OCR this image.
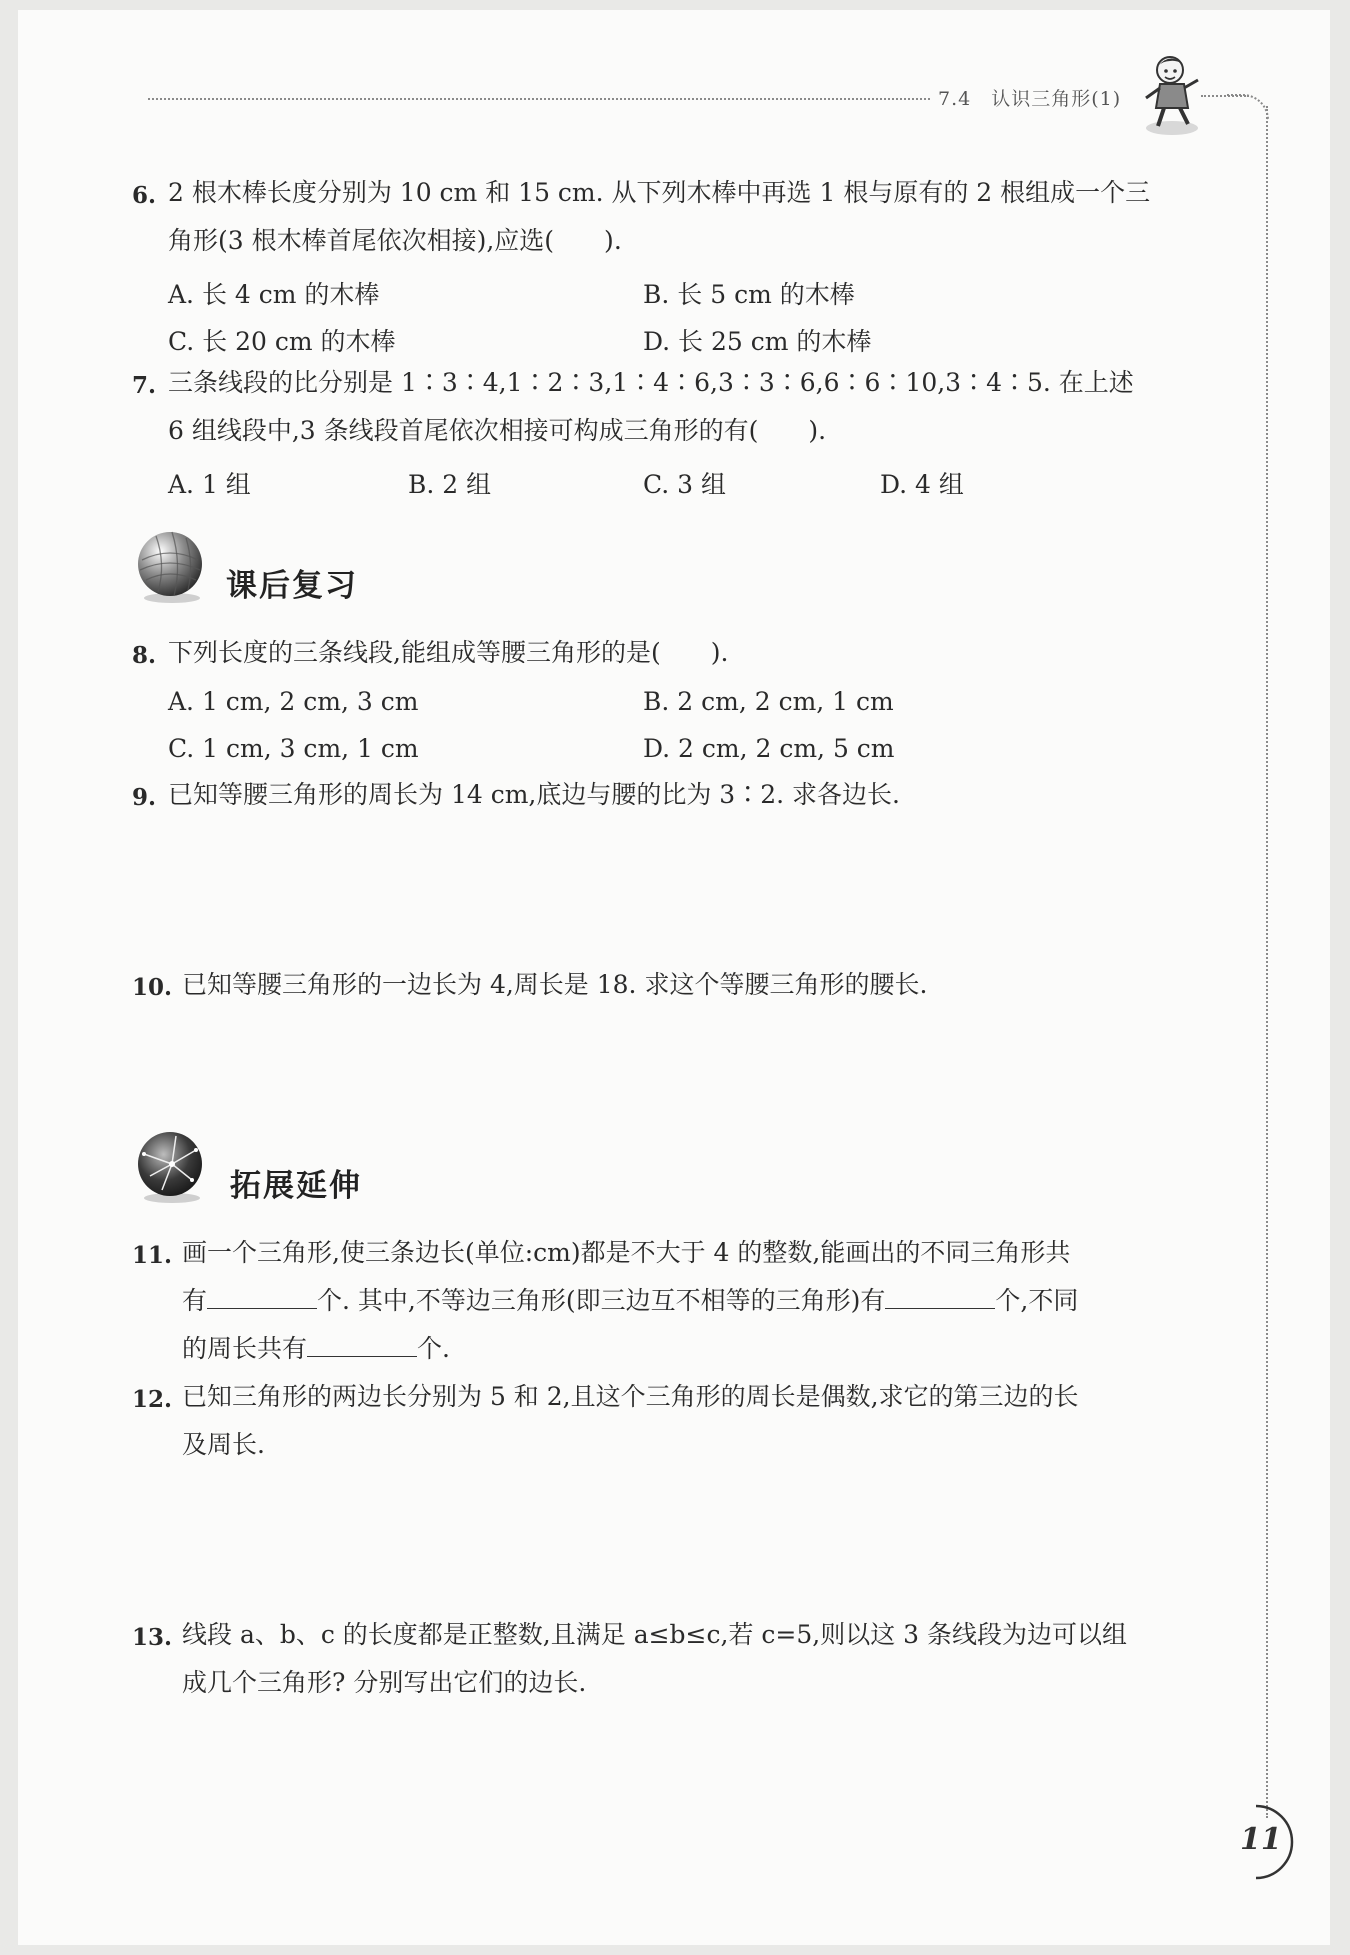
7.4　认识三角形(1)
6. 2 根木棒长度分别为 10 cm 和 15 cm. 从下列木棒中再选 1 根与原有的 2 根组成一个三
角形(3 根木棒首尾依次相接),应选(　　).
A. 长 4 cm 的木棒	B. 长 5 cm 的木棒
C. 长 20 cm 的木棒	D. 长 25 cm 的木棒
7. 三条线段的比分别是 1∶3∶4,1∶2∶3,1∶4∶6,3∶3∶6,6∶6∶10,3∶4∶5. 在上述
6 组线段中,3 条线段首尾依次相接可构成三角形的有(　　).
A. 1 组	B. 2 组	C. 3 组	D. 4 组
课后复习
8. 下列长度的三条线段,能组成等腰三角形的是(　　).
A. 1 cm, 2 cm, 3 cm	B. 2 cm, 2 cm, 1 cm
C. 1 cm, 3 cm, 1 cm	D. 2 cm, 2 cm, 5 cm
9. 已知等腰三角形的周长为 14 cm,底边与腰的比为 3∶2. 求各边长.
10. 已知等腰三角形的一边长为 4,周长是 18. 求这个等腰三角形的腰长.
拓展延伸
11. 画一个三角形,使三条边长(单位:cm)都是不大于 4 的整数,能画出的不同三角形共
有	个. 其中,不等边三角形(即三边互不相等的三角形)有	个,不同
的周长共有	个.
12. 已知三角形的两边长分别为 5 和 2,且这个三角形的周长是偶数,求它的第三边的长
及周长.
13. 线段 a、b、c 的长度都是正整数,且满足 a≤b≤c,若 c=5,则以这 3 条线段为边可以组
成几个三角形? 分别写出它们的边长.
11
